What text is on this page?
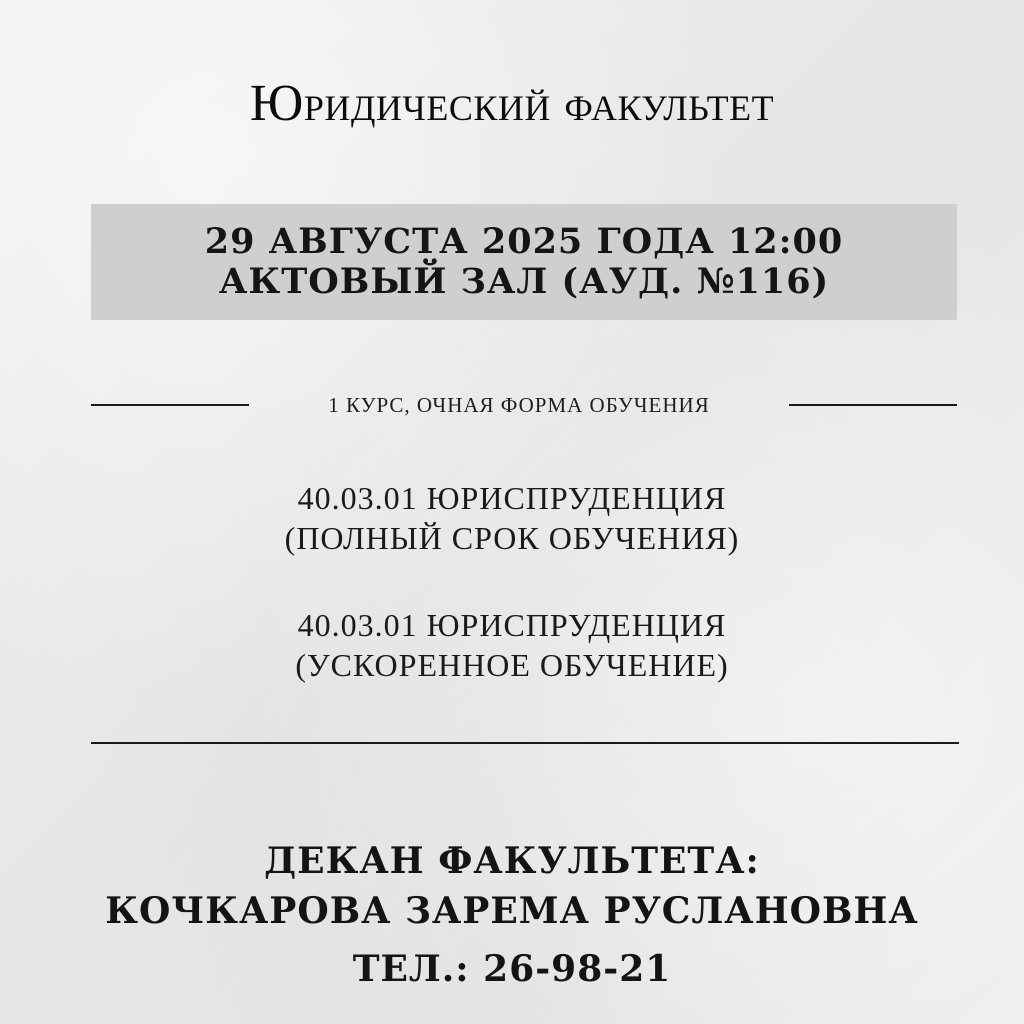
Юридический факультет
29 АВГУСТА 2025 ГОДА 12:00
АКТОВЫЙ ЗАЛ (АУД. №116)
1 КУРС, ОЧНАЯ ФОРМА ОБУЧЕНИЯ
40.03.01 ЮРИСПРУДЕНЦИЯ
(ПОЛНЫЙ СРОК ОБУЧЕНИЯ)
40.03.01 ЮРИСПРУДЕНЦИЯ
(УСКОРЕННОЕ ОБУЧЕНИЕ)
ДЕКАН ФАКУЛЬТЕТА:
КОЧКАРОВА ЗАРЕМА РУСЛАНОВНА
ТЕЛ.: 26-98-21
